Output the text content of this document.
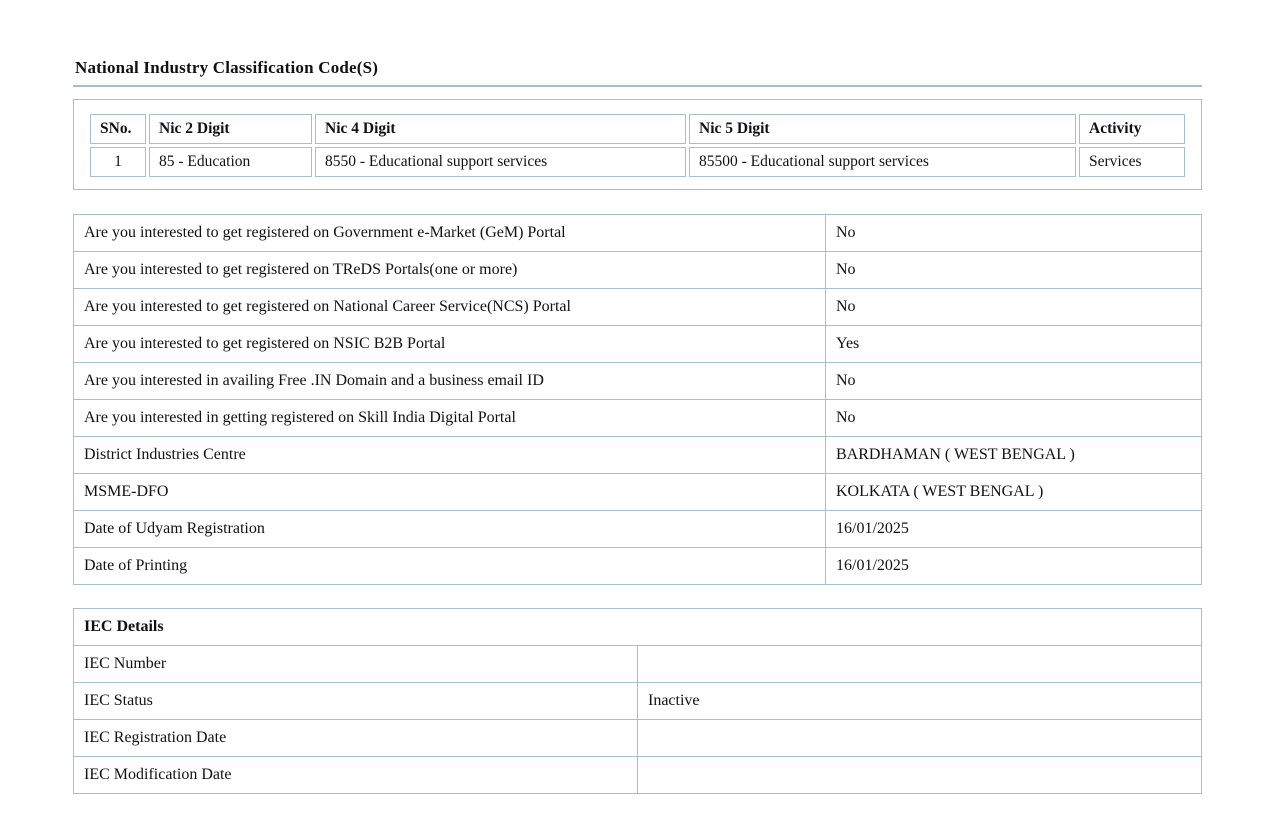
National Industry Classification Code(S)
SNo.	Nic 2 Digit	Nic 4 Digit	Nic 5 Digit	Activity
1	85 - Education	8550 - Educational support services	85500 - Educational support services	Services
Are you interested to get registered on Government e-Market (GeM) Portal	No
Are you interested to get registered on TReDS Portals(one or more)	No
Are you interested to get registered on National Career Service(NCS) Portal	No
Are you interested to get registered on NSIC B2B Portal	Yes
Are you interested in availing Free .IN Domain and a business email ID	No
Are you interested in getting registered on Skill India Digital Portal	No
District Industries Centre	BARDHAMAN ( WEST BENGAL )
MSME-DFO	KOLKATA ( WEST BENGAL )
Date of Udyam Registration	16/01/2025
Date of Printing	16/01/2025
IEC Details	
IEC Number	
IEC Status	Inactive
IEC Registration Date	
IEC Modification Date	
